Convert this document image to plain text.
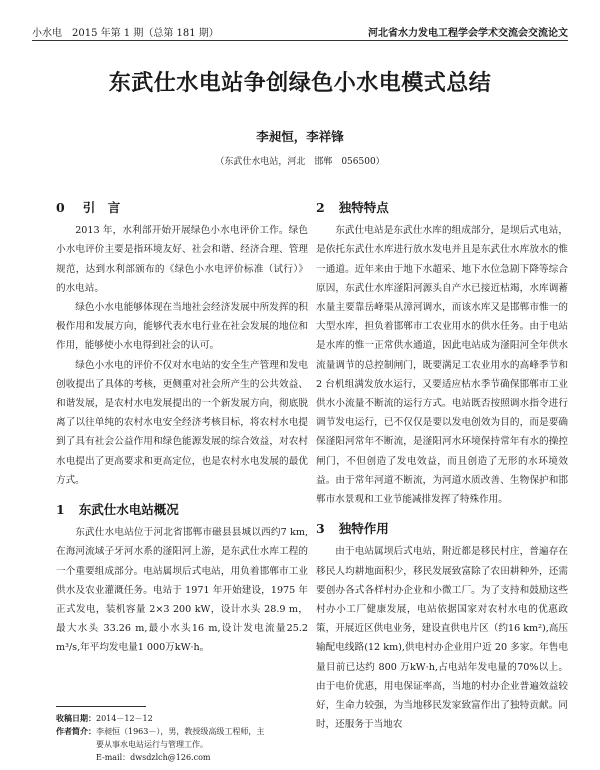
小水电　2015 年第 1 期（总第 181 期）	河北省水力发电工程学会学术交流会交流论文
东武仕水电站争创绿色小水电模式总结
李昶恒，李祥锋
（东武仕水电站，河北　邯郸　056500）
0 引　言

2013 年，水利部开始开展绿色小水电评价工作。绿色小水电评价主要是指环境友好、社会和谐、经济合理、管理规范，达到水利部颁布的《绿色小水电评价标准（试行）》的水电站。

绿色小水电能够体现在当地社会经济发展中所发挥的积极作用和发展方向，能够代表水电行业在社会发展的地位和作用，能够使小水电得到社会的认可。

绿色小水电的评价不仅对水电站的安全生产管理和发电创收提出了具体的考核，更侧重对社会所产生的公共效益、和谐发展，是农村水电发展提出的一个新发展方向，彻底脱离了以往单纯的农村水电安全经济考核目标，将农村水电提到了具有社会公益作用和绿色能源发展的综合效益，对农村水电提出了更高要求和更高定位，也是农村水电发展的最优方式。

1 东武仕水电站概况

东武仕水电站位于河北省邯郸市磁县县城以西约7 km,在海河流域子牙河水系的滏阳河上游，是东武仕水库工程的一个重要组成部分。电站属坝后式电站，用负着邯郸市工业供水及农业灌溉任务。电站于 1971 年开始建设，1975 年正式发电，装机容量 2×3 200 kW，设计水头 28.9 m，最大水头 33.26 m,最小水头16 m,设计发电流量25.2 m³/s,年平均发电量1 000万kW·h。

2 独特特点

东武仕电站是东武仕水库的组成部分，是坝后式电站，是依托东武仕水库进行放水发电并且是东武仕水库放水的惟一通道。近年来由于地下水超采、地下水位急剧下降等综合原因，东武仕水库滏阳河源头自产水已接近枯竭，水库调蓄水量主要靠岳峰渠从漳河调水，而该水库又是邯郸市惟一的大型水库，担负着邯郸市工农业用水的供水任务。由于电站是水库的惟一正常供水通道，因此电站成为滏阳河全年供水流量调节的总控制闸门，既要满足工农业用水的高峰季节和 2 台机组满发放水运行，又要适应枯水季节确保邯郸市工业供水小流量不断流的运行方式。电站既否按照调水指令进行调节发电运行，已不仅仅是要以发电创效为目的，而是要确保滏阳河常年不断流，是滏阳河水环境保持常年有水的操控闸门，不但创造了发电效益，而且创造了无形的水环境效益。由于常年河道不断流，为河道水质改善、生物保护和邯郸市水景观和工业节能减排发挥了特殊作用。

3 独特作用

由于电站属坝后式电站，附近都是移民村庄，普遍存在移民人均耕地面积少，移民发展致富除了农田耕种外，还需要创办各式各样村办企业和小微工厂。为了支持和鼓励这些村办小工厂健康发展，电站依据国家对农村水电的优惠政策，开展近区供电业务，建设直供电片区（约16 km²),高压输配电线路(12 km),供电村办企业用户近 20 多家。年售电量目前已达约 800 万kW·h,占电站年发电量的70%以上。由于电价优惠，用电保证率高，当地的村办企业普遍效益较好，生命力较强，为当地移民发家致富作出了独特贡献。同时，还服务于当地农

收稿日期：2014－12－12
作者简介：李昶恒（1963－），男，教授级高级工程师，主
要从事水电站运行与管理工作。
E-mail：dwsdzlch@126.com
